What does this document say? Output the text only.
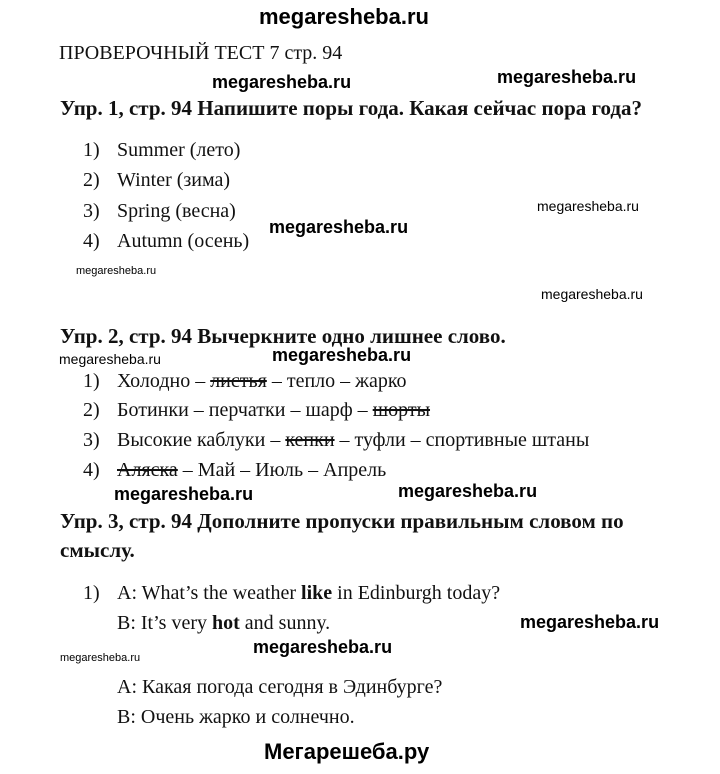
megaresheba.ru
megaresheba.ru	megaresheba.ru
megaresheba.ru
megaresheba.ru
megaresheba.ru
megaresheba.ru
megaresheba.ru	megaresheba.ru
megaresheba.ru	megaresheba.ru
megaresheba.ru
megaresheba.ru
megaresheba.ru
Мегарешеба.ру
ПРОВЕРОЧНЫЙ ТЕСТ 7 стр. 94
Упр. 1, стр. 94 Напишите поры года. Какая сейчас пора года?
1) Summer (лето)
2) Winter (зима)
3) Spring (весна)
4) Autumn (осень)
Упр. 2, стр. 94 Вычеркните одно лишнее слово.
1) Холодно – листья – тепло – жарко
2) Ботинки – перчатки – шарф – шорты
3) Высокие каблуки – кепки – туфли – спортивные штаны
4) Аляска – Май – Июль – Апрель
Упр. 3, стр. 94 Дополните пропуски правильным словом по
смыслу.
1) A: What’s the weather like in Edinburgh today?
B: It’s very hot and sunny.
А: Какая погода сегодня в Эдинбурге?
В: Очень жарко и солнечно.
